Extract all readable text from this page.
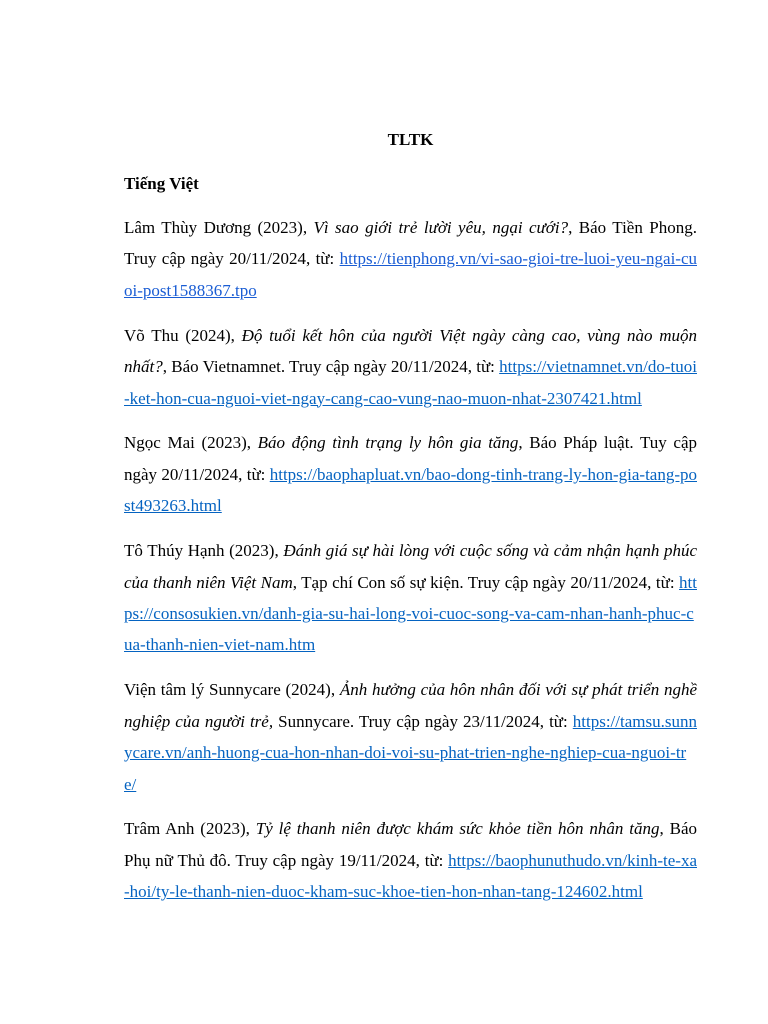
TLTK
Tiếng Việt

Lâm Thùy Dương (2023), Vì sao giới trẻ lười yêu, ngại cưới?, Báo Tiền Phong. Truy cập ngày 20/11/2024, từ: https://tienphong.vn/vi-sao-gioi-tre-luoi-yeu-ngai-cuoi-post1588367.tpo

Võ Thu (2024), Độ tuổi kết hôn của người Việt ngày càng cao, vùng nào muộn nhất?, Báo Vietnamnet. Truy cập ngày 20/11/2024, từ: https://vietnamnet.vn/do-tuoi-ket-hon-cua-nguoi-viet-ngay-cang-cao-vung-nao-muon-nhat-2307421.html

Ngọc Mai (2023), Báo động tình trạng ly hôn gia tăng, Báo Pháp luật. Tuy cập ngày 20/11/2024, từ: https://baophapluat.vn/bao-dong-tinh-trang-ly-hon-gia-tang-post493263.html

Tô Thúy Hạnh (2023), Đánh giá sự hài lòng với cuộc sống và cảm nhận hạnh phúc của thanh niên Việt Nam, Tạp chí Con số sự kiện. Truy cập ngày 20/11/2024, từ: https://consosukien.vn/danh-gia-su-hai-long-voi-cuoc-song-va-cam-nhan-hanh-phuc-cua-thanh-nien-viet-nam.htm

Viện tâm lý Sunnycare (2024), Ảnh hưởng của hôn nhân đối với sự phát triển nghề nghiệp của người trẻ, Sunnycare. Truy cập ngày 23/11/2024, từ: https://tamsu.sunnycare.vn/anh-huong-cua-hon-nhan-doi-voi-su-phat-trien-nghe-nghiep-cua-nguoi-tre/

Trâm Anh (2023), Tỷ lệ thanh niên được khám sức khỏe tiền hôn nhân tăng, Báo Phụ nữ Thủ đô. Truy cập ngày 19/11/2024, từ: https://baophunuthudo.vn/kinh-te-xa-hoi/ty-le-thanh-nien-duoc-kham-suc-khoe-tien-hon-nhan-tang-124602.html
